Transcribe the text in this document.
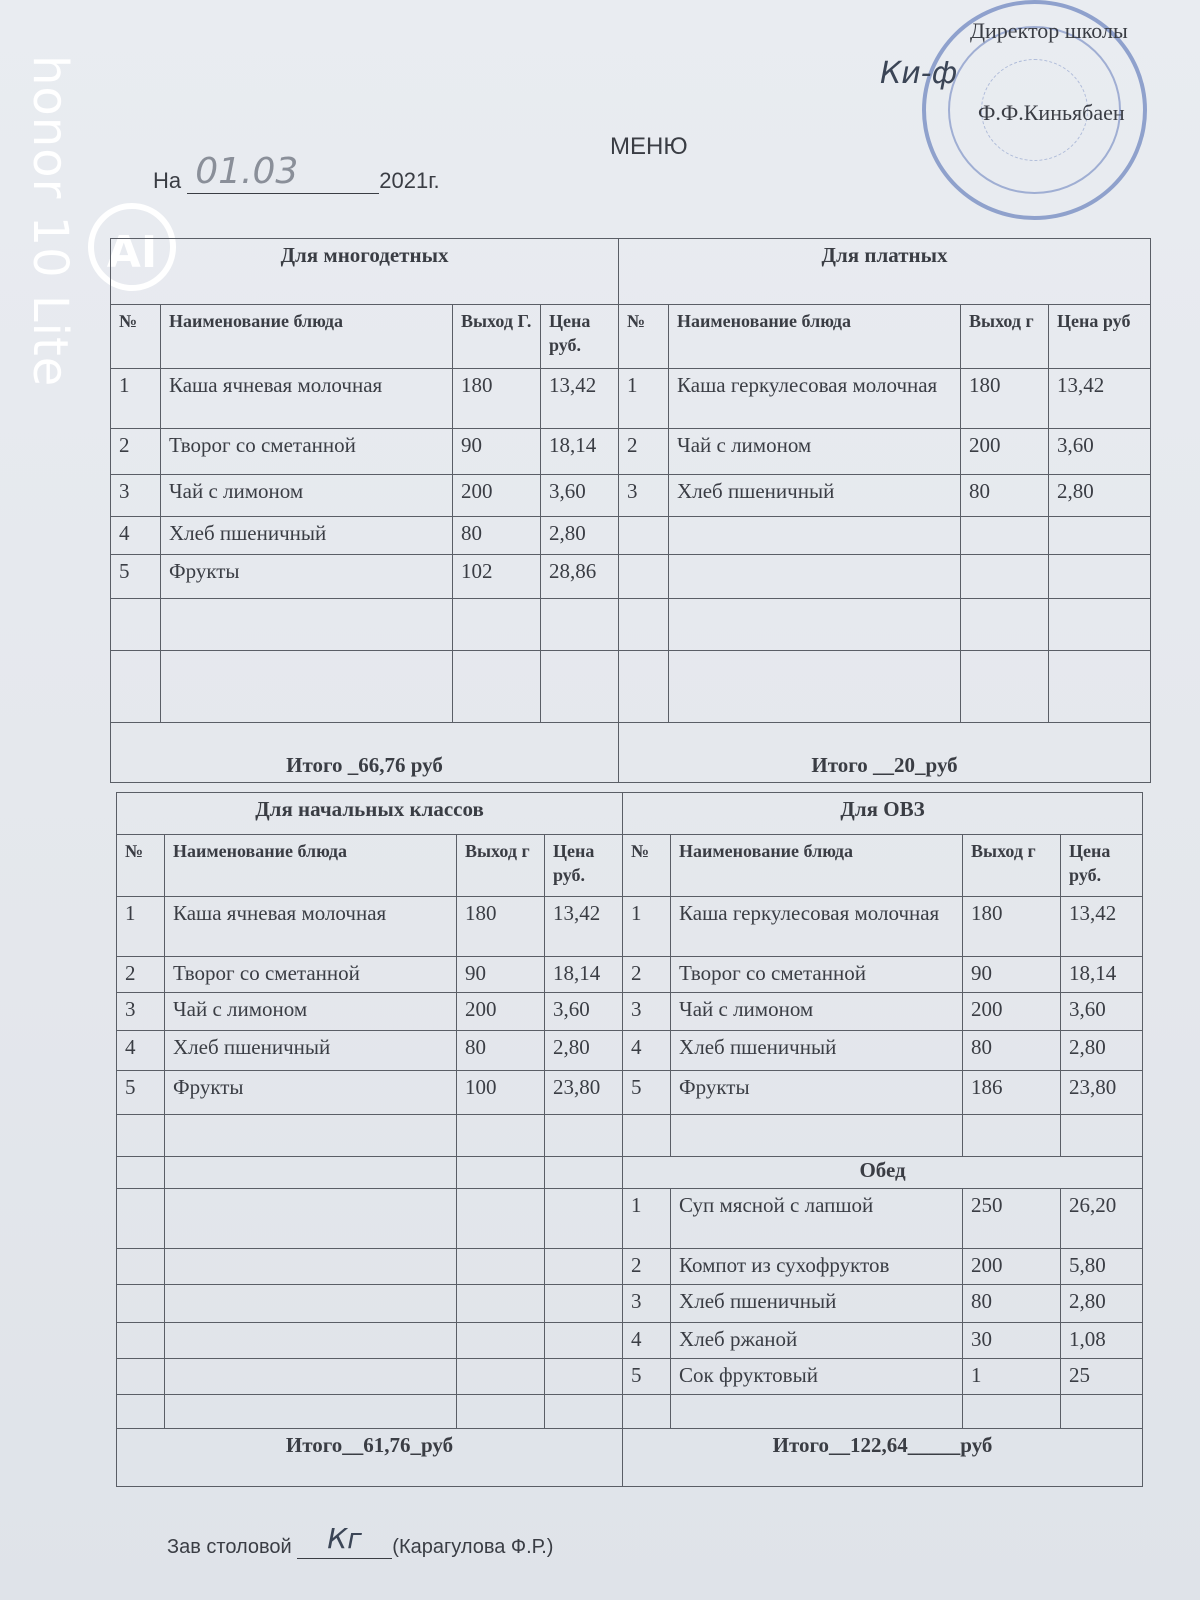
honor 10 Lite AI
Директор школы
Ки-ф
Ф.Ф.Киньябаен
МЕНЮ
На 01.03	2021г.
Для многодетных				Для платных			
№	Наименование блюда	Выход Г.	Цена руб.	№	Наименование блюда	Выход г	Цена руб
1	Каша ячневая молочная	180	13,42	1	Каша геркулесовая молочная	180	13,42
2	Творог со сметанной	90	18,14	2	Чай с лимоном	200	3,60
3	Чай с лимоном	200	3,60	3	Хлеб пшеничный	80	2,80
4	Хлеб пшеничный	80	2,80				
5	Фрукты	102	28,86				

Итого _66,76 руб				Итого __20_руб			
Для начальных классов				Для ОВЗ			
№	Наименование блюда	Выход г	Цена руб.	№	Наименование блюда	Выход г	Цена руб.
1	Каша ячневая молочная	180	13,42	1	Каша геркулесовая молочная	180	13,42
2	Творог со сметанной	90	18,14	2	Творог со сметанной	90	18,14
3	Чай с лимоном	200	3,60	3	Чай с лимоном	200	3,60
4	Хлеб пшеничный	80	2,80	4	Хлеб пшеничный	80	2,80
5	Фрукты	100	23,80	5	Фрукты	186	23,80

				Обед			
				1	Суп мясной с лапшой	250	26,20
				2	Компот из сухофруктов	200	5,80
				3	Хлеб пшеничный	80	2,80
				4	Хлеб ржаной	30	1,08
				5	Сок фруктовый	1	25

Итого__61,76_руб				Итого__122,64_____руб			
Зав столовой Кг (Карагулова Ф.Р.)
